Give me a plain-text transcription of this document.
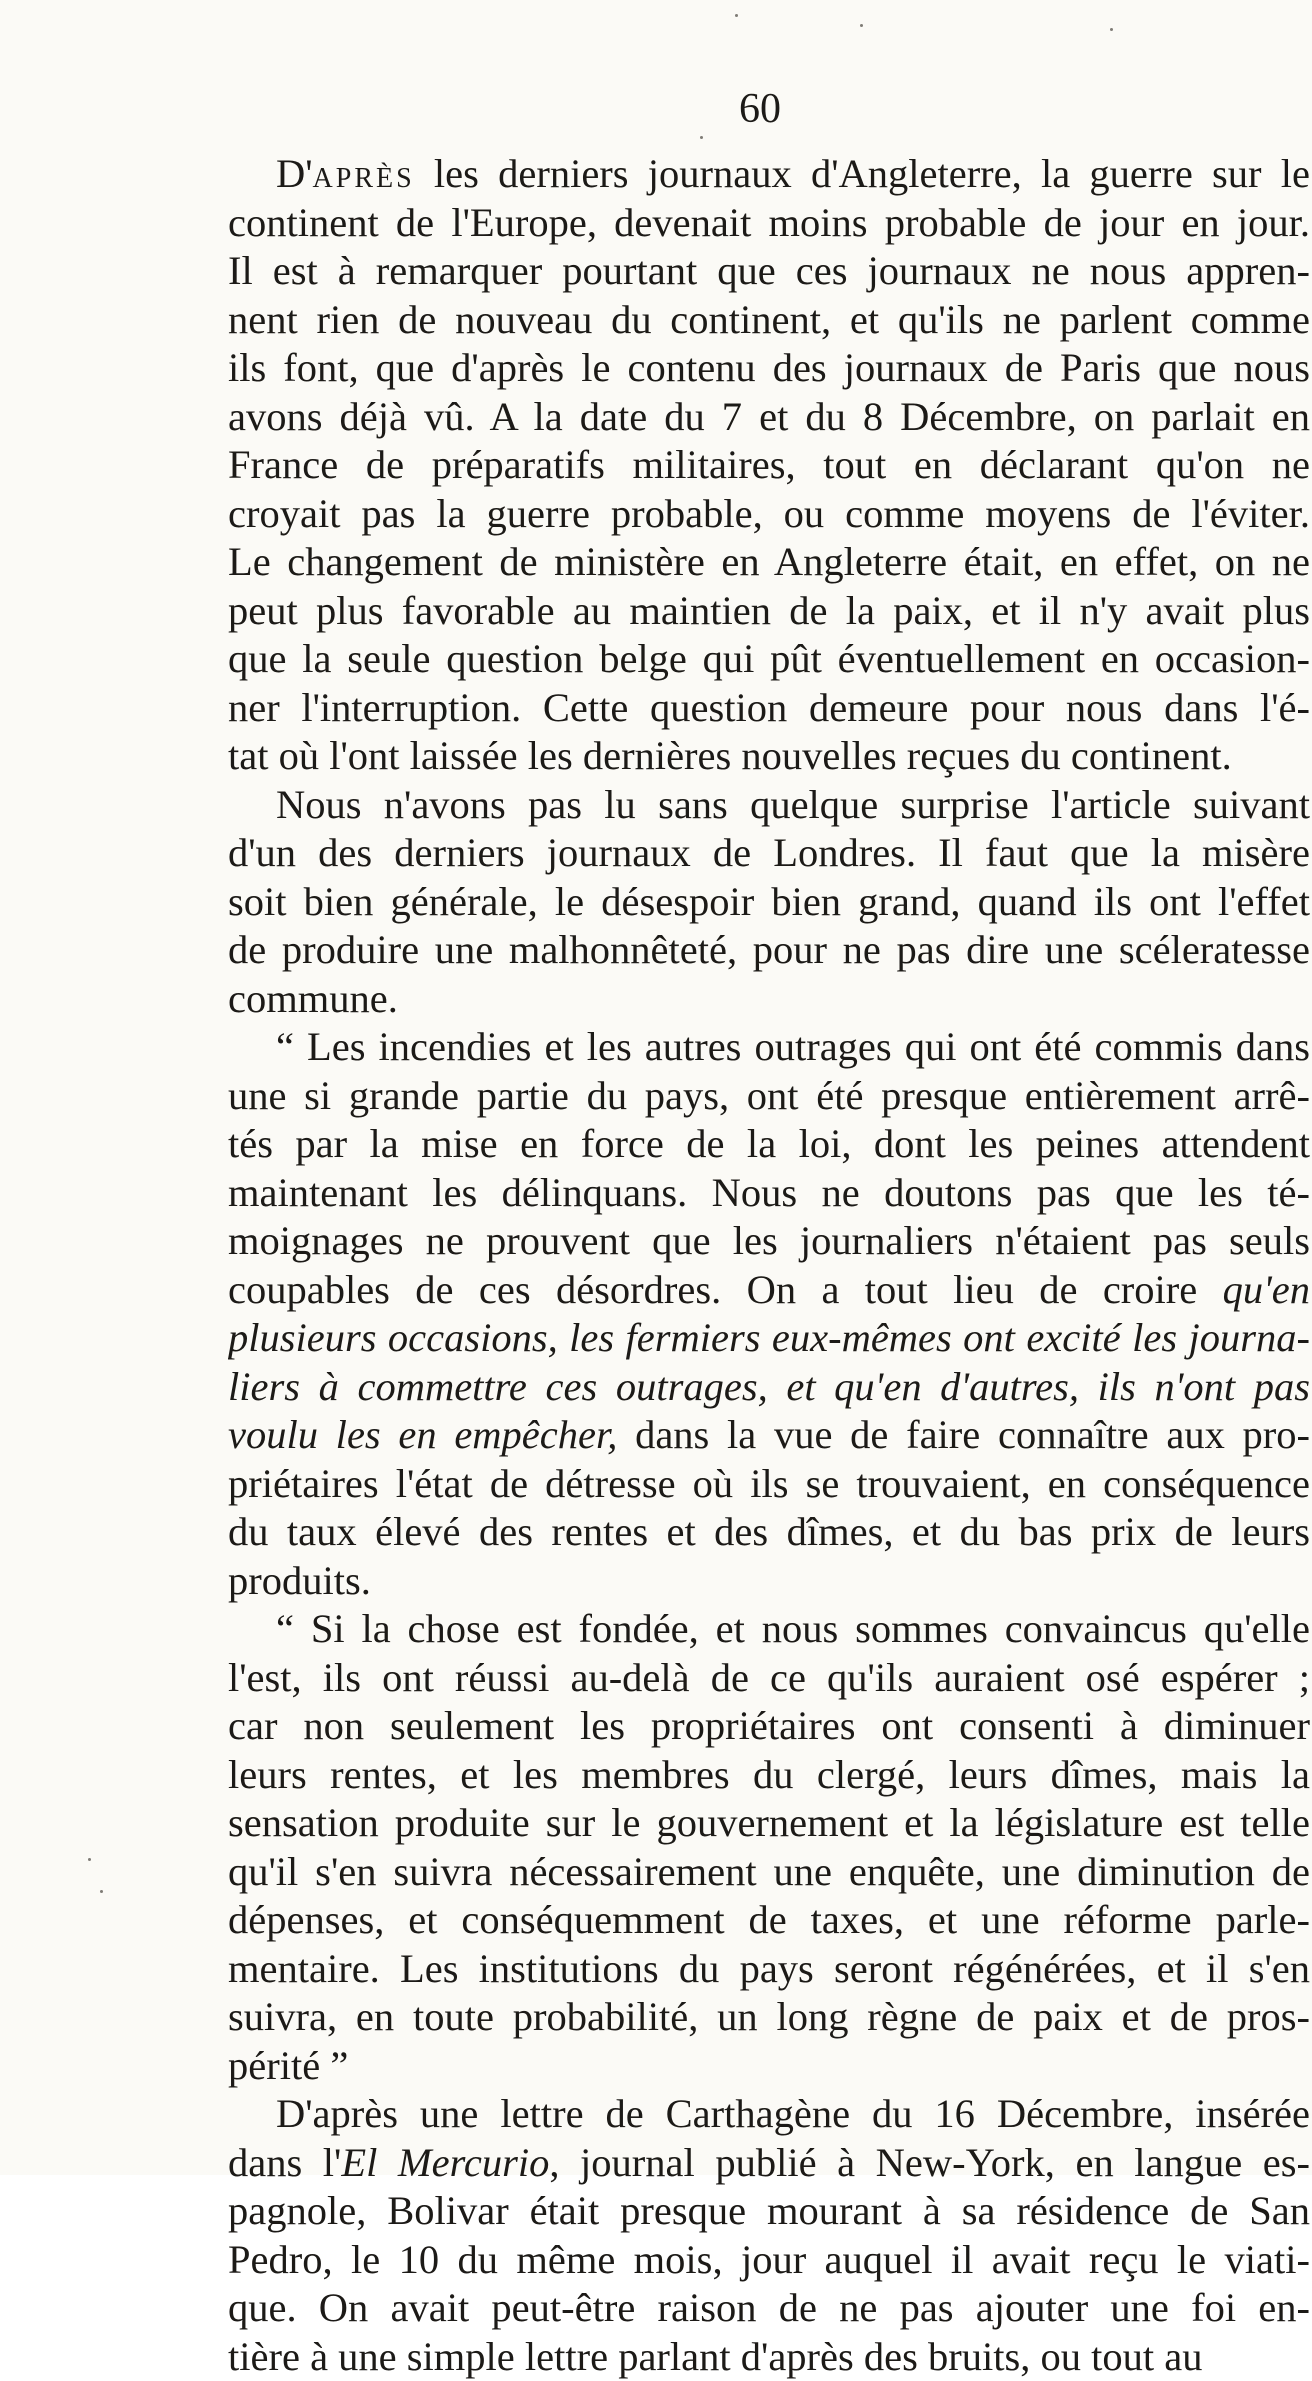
60
D'après les derniers journaux d'Angleterre, la guerre sur le
continent de l'Europe, devenait moins probable de jour en jour.
Il est à remarquer pourtant que ces journaux ne nous appren-
nent rien de nouveau du continent, et qu'ils ne parlent comme
ils font, que d'après le contenu des journaux de Paris que nous
avons déjà vû. A la date du 7 et du 8 Décembre, on parlait en
France de préparatifs militaires, tout en déclarant qu'on ne
croyait pas la guerre probable, ou comme moyens de l'éviter.
Le changement de ministère en Angleterre était, en effet, on ne
peut plus favorable au maintien de la paix, et il n'y avait plus
que la seule question belge qui pût éventuellement en occasion-
ner l'interruption. Cette question demeure pour nous dans l'é-
tat où l'ont laissée les dernières nouvelles reçues du continent.
Nous n'avons pas lu sans quelque surprise l'article suivant
d'un des derniers journaux de Londres. Il faut que la misère
soit bien générale, le désespoir bien grand, quand ils ont l'effet
de produire une malhonnêteté, pour ne pas dire une scéleratesse
commune.
“ Les incendies et les autres outrages qui ont été commis dans
une si grande partie du pays, ont été presque entièrement arrê-
tés par la mise en force de la loi, dont les peines attendent
maintenant les délinquans. Nous ne doutons pas que les té-
moignages ne prouvent que les journaliers n'étaient pas seuls
coupables de ces désordres. On a tout lieu de croire qu'en
plusieurs occasions, les fermiers eux-mêmes ont excité les journa-
liers à commettre ces outrages, et qu'en d'autres, ils n'ont pas
voulu les en empêcher, dans la vue de faire connaître aux pro-
priétaires l'état de détresse où ils se trouvaient, en conséquence
du taux élevé des rentes et des dîmes, et du bas prix de leurs
produits.
“ Si la chose est fondée, et nous sommes convaincus qu'elle
l'est, ils ont réussi au-delà de ce qu'ils auraient osé espérer ;
car non seulement les propriétaires ont consenti à diminuer
leurs rentes, et les membres du clergé, leurs dîmes, mais la
sensation produite sur le gouvernement et la législature est telle
qu'il s'en suivra nécessairement une enquête, une diminution de
dépenses, et conséquemment de taxes, et une réforme parle-
mentaire. Les institutions du pays seront régénérées, et il s'en
suivra, en toute probabilité, un long règne de paix et de pros-
périté ”
D'après une lettre de Carthagène du 16 Décembre, insérée
dans l'El Mercurio, journal publié à New-York, en langue es-
pagnole, Bolivar était presque mourant à sa résidence de San
Pedro, le 10 du même mois, jour auquel il avait reçu le viati-
que. On avait peut-être raison de ne pas ajouter une foi en-
tière à une simple lettre parlant d'après des bruits, ou tout au
